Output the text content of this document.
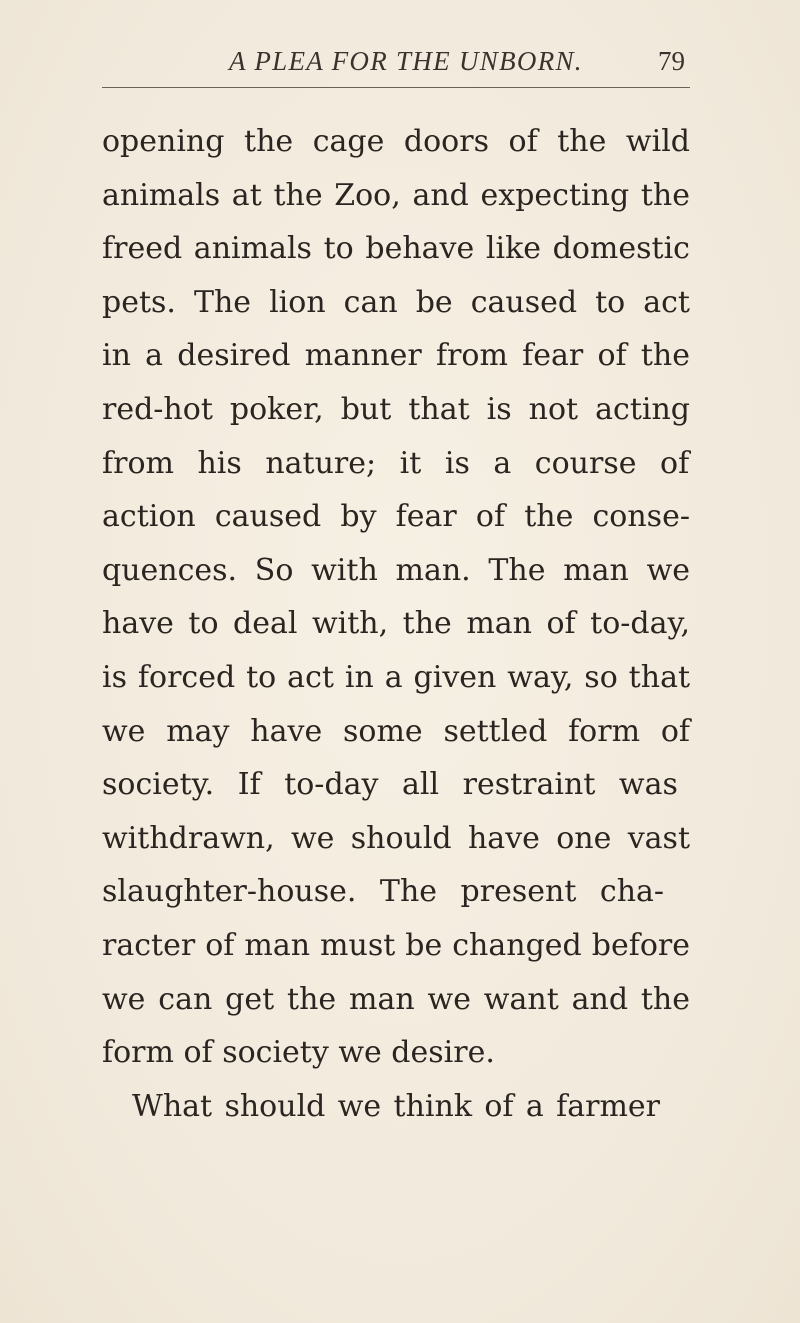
A PLEA FOR THE UNBORN.	79
opening the cage doors of the wild
animals at the Zoo, and expecting the
freed animals to behave like domestic
pets. The lion can be caused to act
in a desired manner from fear of the
red-hot poker, but that is not acting
from his nature; it is a course of
action caused by fear of the conse-
quences. So with man. The man we
have to deal with, the man of to-day,
is forced to act in a given way, so that
we may have some settled form of
society. If to-day all restraint was
withdrawn, we should have one vast
slaughter-house. The present cha-
racter of man must be changed before
we can get the man we want and the
form of society we desire.
What should we think of a farmer
